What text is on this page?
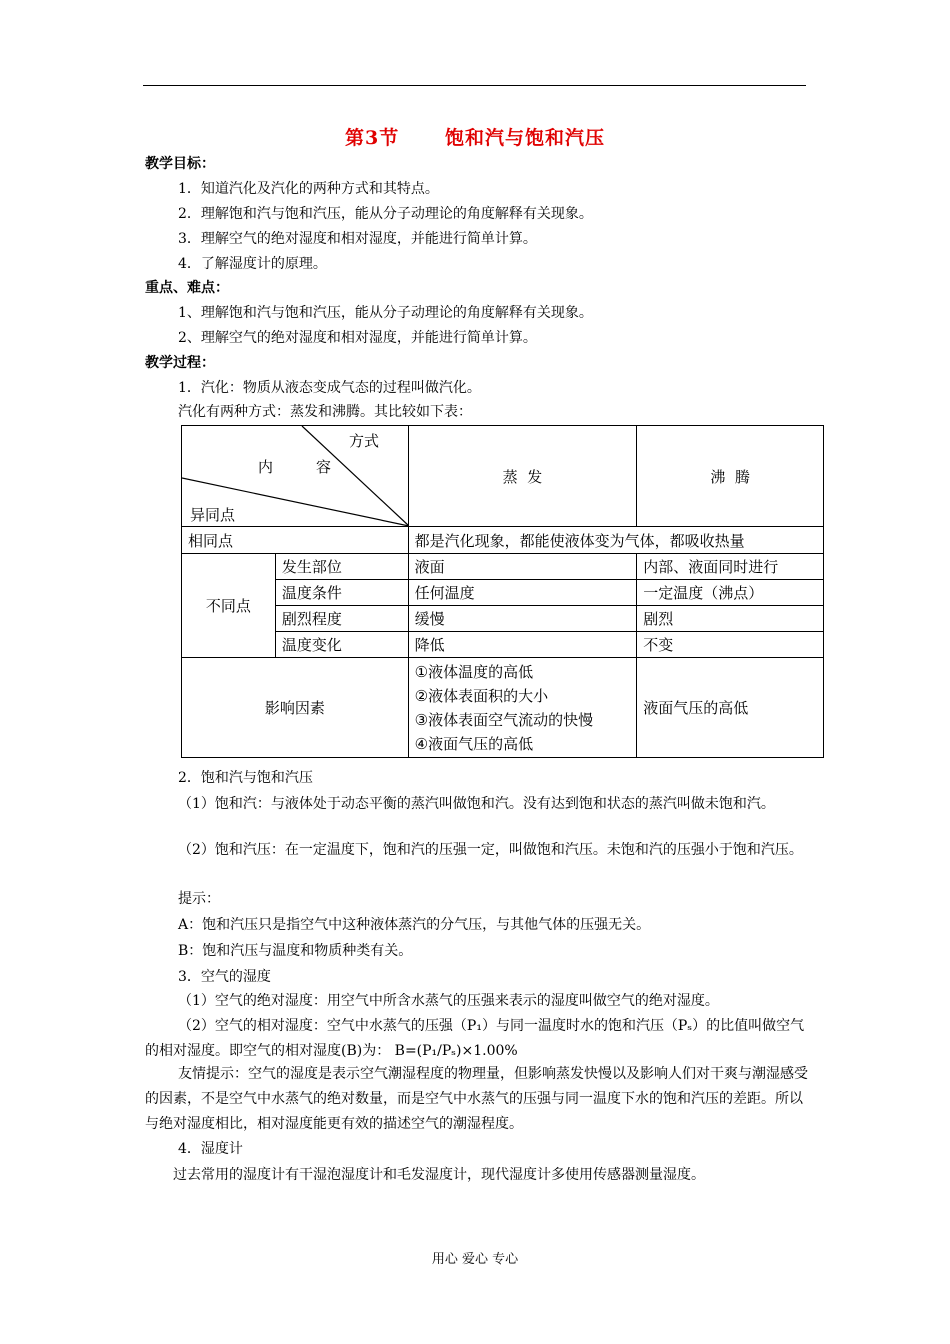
第3节 饱和汽与饱和汽压
教学目标：
1．知道汽化及汽化的两种方式和其特点。
2．理解饱和汽与饱和汽压，能从分子动理论的角度解释有关现象。
3．理解空气的绝对湿度和相对湿度，并能进行简单计算。
4．了解湿度计的原理。
重点、难点：
1、理解饱和汽与饱和汽压，能从分子动理论的角度解释有关现象。
2、理解空气的绝对湿度和相对湿度，并能进行简单计算。
教学过程：
1．汽化：物质从液态变成气态的过程叫做汽化。
汽化有两种方式：蒸发和沸腾。其比较如下表：
方式
内 容
异同点		蒸  发	沸  腾
相同点		都是汽化现象，都能使液体变为气体，都吸收热量	
不同点	发生部位	液面	内部、液面同时进行
	温度条件	任何温度	一定温度（沸点）
	剧烈程度	缓慢	剧烈
	温度变化	降低	不变
影响因素		①液体温度的高低
②液体表面积的大小
③液体表面空气流动的快慢
④液面气压的高低	液面气压的高低
2．饱和汽与饱和汽压
（1）饱和汽：与液体处于动态平衡的蒸汽叫做饱和汽。没有达到饱和状态的蒸汽叫做未饱和汽。
（2）饱和汽压：在一定温度下，饱和汽的压强一定，叫做饱和汽压。未饱和汽的压强小于饱和汽压。
提示：
A：饱和汽压只是指空气中这种液体蒸汽的分气压，与其他气体的压强无关。
B：饱和汽压与温度和物质种类有关。
3．空气的湿度
（1）空气的绝对湿度：用空气中所含水蒸气的压强来表示的湿度叫做空气的绝对湿度。
（2）空气的相对湿度：空气中水蒸气的压强（P₁）与同一温度时水的饱和汽压（Pₛ）的比值叫做空气的相对湿度。即空气的相对湿度(B)为： B=(P₁/Pₛ)×1.00%
友情提示：空气的湿度是表示空气潮湿程度的物理量，但影响蒸发快慢以及影响人们对干爽与潮湿感受的因素，不是空气中水蒸气的绝对数量，而是空气中水蒸气的压强与同一温度下水的饱和汽压的差距。所以与绝对湿度相比，相对湿度能更有效的描述空气的潮湿程度。
4．湿度计
过去常用的湿度计有干湿泡湿度计和毛发湿度计，现代湿度计多使用传感器测量湿度。
用心 爱心 专心
